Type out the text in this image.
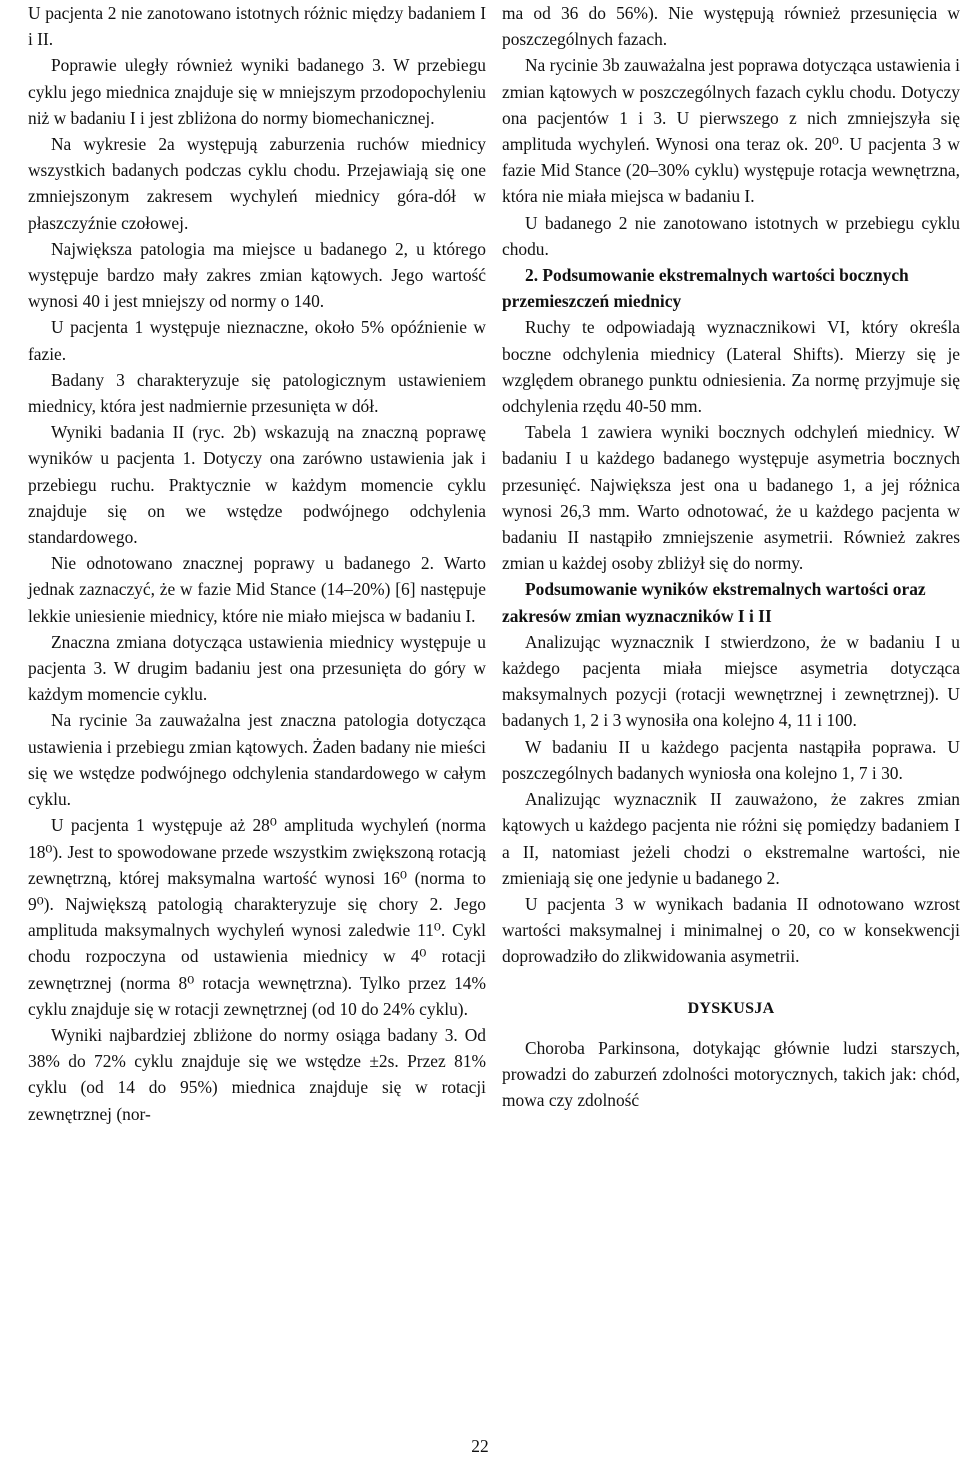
U pacjenta 2 nie zanotowano istotnych różnic między badaniem I i II.

Poprawie uległy również wyniki badanego 3. W przebiegu cyklu jego miednica znajduje się w mniejszym przodopochyleniu niż w badaniu I i jest zbliżona do normy biomechanicznej.

Na wykresie 2a występują zaburzenia ruchów miednicy wszystkich badanych podczas cyklu chodu. Przejawiają się one zmniejszonym zakresem wychyleń miednicy góra-dół w płaszczyźnie czołowej.

Największa patologia ma miejsce u badanego 2, u którego występuje bardzo mały zakres zmian kątowych. Jego wartość wynosi 40 i jest mniejszy od normy o 140.

U pacjenta 1 występuje nieznaczne, około 5% opóźnienie w fazie.

Badany 3 charakteryzuje się patologicznym ustawieniem miednicy, która jest nadmiernie przesunięta w dół.

Wyniki badania II (ryc. 2b) wskazują na znaczną poprawę wyników u pacjenta 1. Dotyczy ona zarówno ustawienia jak i przebiegu ruchu. Praktycznie w każdym momencie cyklu znajduje się on we wstędze podwójnego odchylenia standardowego.

Nie odnotowano znacznej poprawy u badanego 2. Warto jednak zaznaczyć, że w fazie Mid Stance (14–20%) [6] następuje lekkie uniesienie miednicy, które nie miało miejsca w badaniu I.

Znaczna zmiana dotycząca ustawienia miednicy występuje u pacjenta 3. W drugim badaniu jest ona przesunięta do góry w każdym momencie cyklu.

Na rycinie 3a zauważalna jest znaczna patologia dotycząca ustawienia i przebiegu zmian kątowych. Żaden badany nie mieści się we wstędze podwójnego odchylenia standardowego w całym cyklu.

U pacjenta 1 występuje aż 28⁰ amplituda wychyleń (norma 18⁰). Jest to spowodowane przede wszystkim zwiększoną rotacją zewnętrzną, której maksymalna wartość wynosi 16⁰ (norma to 9⁰). Największą patologią charakteryzuje się chory 2. Jego amplituda maksymalnych wychyleń wynosi zaledwie 11⁰. Cykl chodu rozpoczyna od ustawienia miednicy w 4⁰ rotacji zewnętrznej (norma 8⁰ rotacja wewnętrzna). Tylko przez 14% cyklu znajduje się w rotacji zewnętrznej (od 10 do 24% cyklu).

Wyniki najbardziej zbliżone do normy osiąga badany 3. Od 38% do 72% cyklu znajduje się we wstędze ±2s. Przez 81% cyklu (od 14 do 95%) miednica znajduje się w rotacji zewnętrznej (nor-

ma od 36 do 56%). Nie występują również przesunięcia w poszczególnych fazach.

Na rycinie 3b zauważalna jest poprawa dotycząca ustawienia i zmian kątowych w poszczególnych fazach cyklu chodu. Dotyczy ona pacjentów 1 i 3. U pierwszego z nich zmniejszyła się amplituda wychyleń. Wynosi ona teraz ok. 20⁰. U pacjenta 3 w fazie Mid Stance (20–30% cyklu) występuje rotacja wewnętrzna, która nie miała miejsca w badaniu I.

U badanego 2 nie zanotowano istotnych w przebiegu cyklu chodu.

2. Podsumowanie ekstremalnych wartości bocznych przemieszczeń miednicy

Ruchy te odpowiadają wyznacznikowi VI, który określa boczne odchylenia miednicy (Lateral Shifts). Mierzy się je względem obranego punktu odniesienia. Za normę przyjmuje się odchylenia rzędu 40-50 mm.

Tabela 1 zawiera wyniki bocznych odchyleń miednicy. W badaniu I u każdego badanego występuje asymetria bocznych przesunięć. Największa jest ona u badanego 1, a jej różnica wynosi 26,3 mm. Warto odnotować, że u każdego pacjenta w badaniu II nastąpiło zmniejszenie asymetrii. Również zakres zmian u każdej osoby zbliżył się do normy.

Podsumowanie wyników ekstremalnych wartości oraz zakresów zmian wyznaczników I i II

Analizując wyznacznik I stwierdzono, że w badaniu I u każdego pacjenta miała miejsce asymetria dotycząca maksymalnych pozycji (rotacji wewnętrznej i zewnętrznej). U badanych 1, 2 i 3 wynosiła ona kolejno 4, 11 i 100.

W badaniu II u każdego pacjenta nastąpiła poprawa. U poszczególnych badanych wyniosła ona kolejno 1, 7 i 30.

Analizując wyznacznik II zauważono, że zakres zmian kątowych u każdego pacjenta nie różni się pomiędzy badaniem I a II, natomiast jeżeli chodzi o ekstremalne wartości, nie zmieniają się one jedynie u badanego 2.

U pacjenta 3 w wynikach badania II odnotowano wzrost wartości maksymalnej i minimalnej o 20, co w konsekwencji doprowadziło do zlikwidowania asymetrii.

DYSKUSJA

Choroba Parkinsona, dotykając głównie ludzi starszych, prowadzi do zaburzeń zdolności motorycznych, takich jak: chód, mowa czy zdolność

22
